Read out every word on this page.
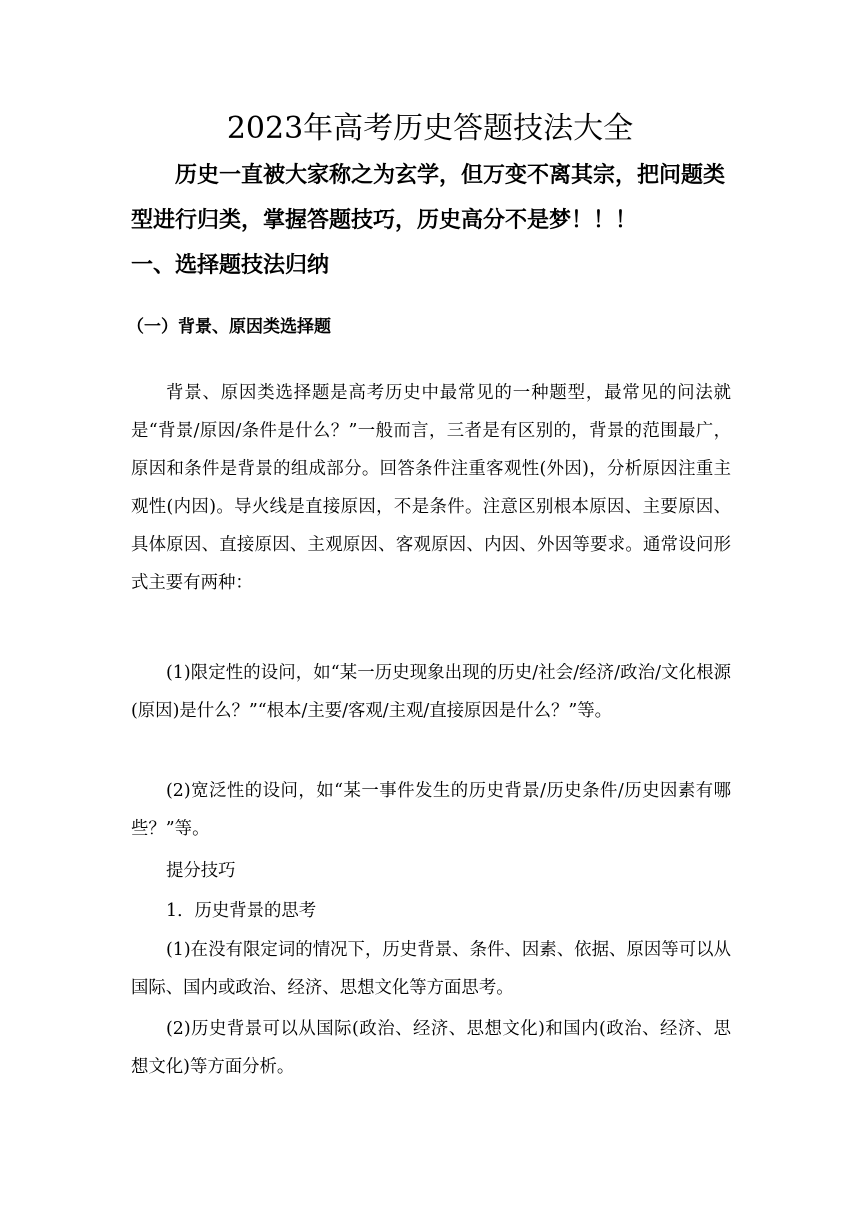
2023年高考历史答题技法大全
历史一直被大家称之为玄学，但万变不离其宗，把问题类型进行归类，掌握答题技巧，历史高分不是梦！！！
一、选择题技法归纳
（一）背景、原因类选择题
背景、原因类选择题是高考历史中最常见的一种题型，最常见的问法就是“背景/原因/条件是什么？”一般而言，三者是有区别的，背景的范围最广，原因和条件是背景的组成部分。回答条件注重客观性(外因)，分析原因注重主观性(内因)。导火线是直接原因，不是条件。注意区别根本原因、主要原因、具体原因、直接原因、主观原因、客观原因、内因、外因等要求。通常设问形式主要有两种：
(1)限定性的设问，如“某一历史现象出现的历史/社会/经济/政治/文化根源(原因)是什么？”“根本/主要/客观/主观/直接原因是什么？”等。
(2)宽泛性的设问，如“某一事件发生的历史背景/历史条件/历史因素有哪些？”等。
提分技巧
1．历史背景的思考
(1)在没有限定词的情况下，历史背景、条件、因素、依据、原因等可以从国际、国内或政治、经济、思想文化等方面思考。
(2)历史背景可以从国际(政治、经济、思想文化)和国内(政治、经济、思想文化)等方面分析。
